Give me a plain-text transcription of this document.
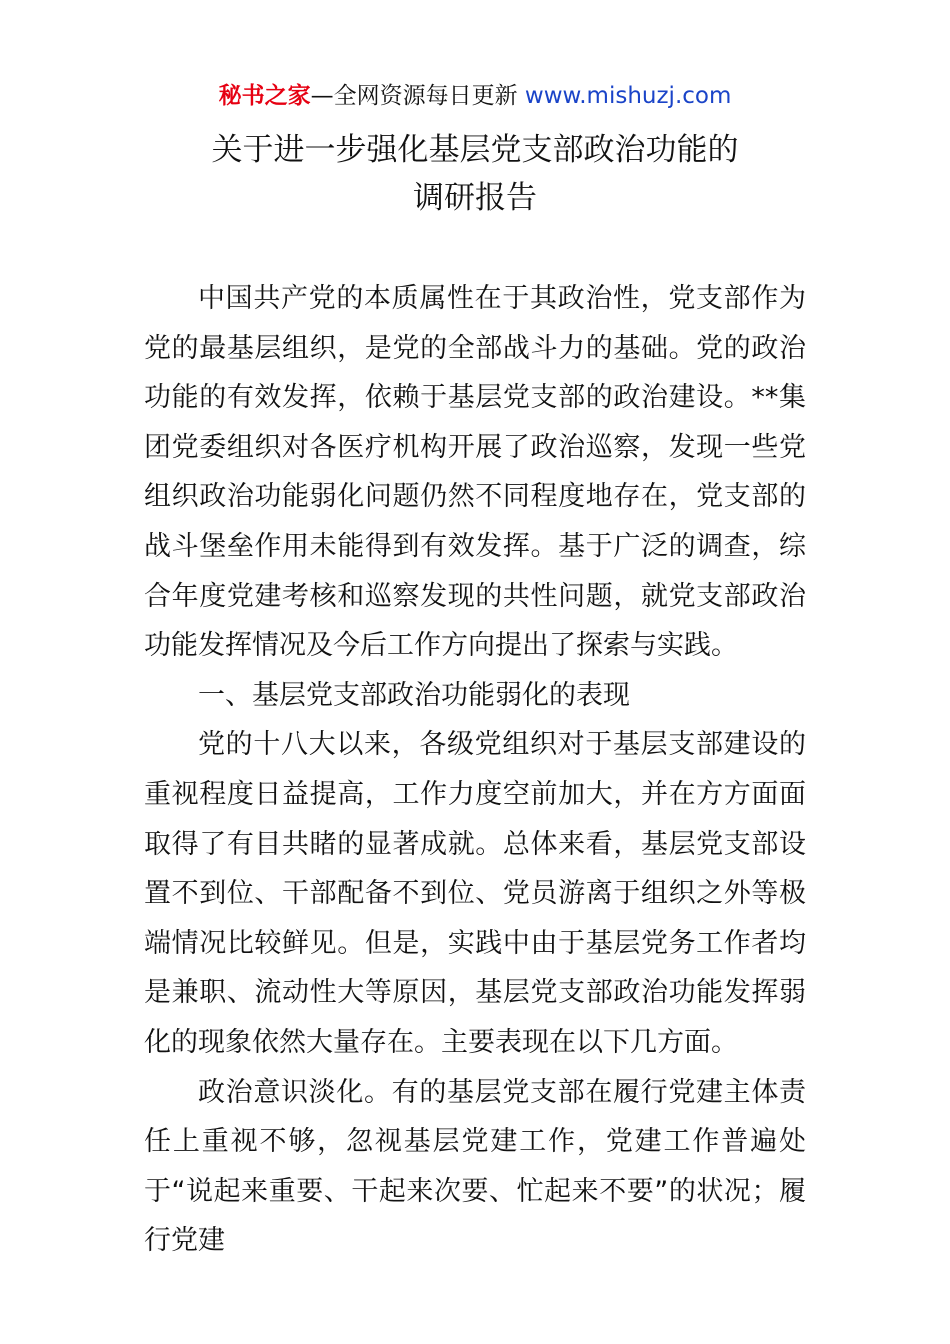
秘书之家—全网资源每日更新 www.mishuzj.com
关于进一步强化基层党支部政治功能的
调研报告

中国共产党的本质属性在于其政治性，党支部作为党的最基层组织，是党的全部战斗力的基础。党的政治功能的有效发挥，依赖于基层党支部的政治建设。**集团党委组织对各医疗机构开展了政治巡察，发现一些党组织政治功能弱化问题仍然不同程度地存在，党支部的战斗堡垒作用未能得到有效发挥。基于广泛的调查，综合年度党建考核和巡察发现的共性问题，就党支部政治功能发挥情况及今后工作方向提出了探索与实践。

一、基层党支部政治功能弱化的表现

党的十八大以来，各级党组织对于基层支部建设的重视程度日益提高，工作力度空前加大，并在方方面面取得了有目共睹的显著成就。总体来看，基层党支部设置不到位、干部配备不到位、党员游离于组织之外等极端情况比较鲜见。但是，实践中由于基层党务工作者均是兼职、流动性大等原因，基层党支部政治功能发挥弱化的现象依然大量存在。主要表现在以下几方面。

政治意识淡化。有的基层党支部在履行党建主体责任上重视不够，忽视基层党建工作，党建工作普遍处于“说起来重要、干起来次要、忙起来不要”的状况；履行党建
